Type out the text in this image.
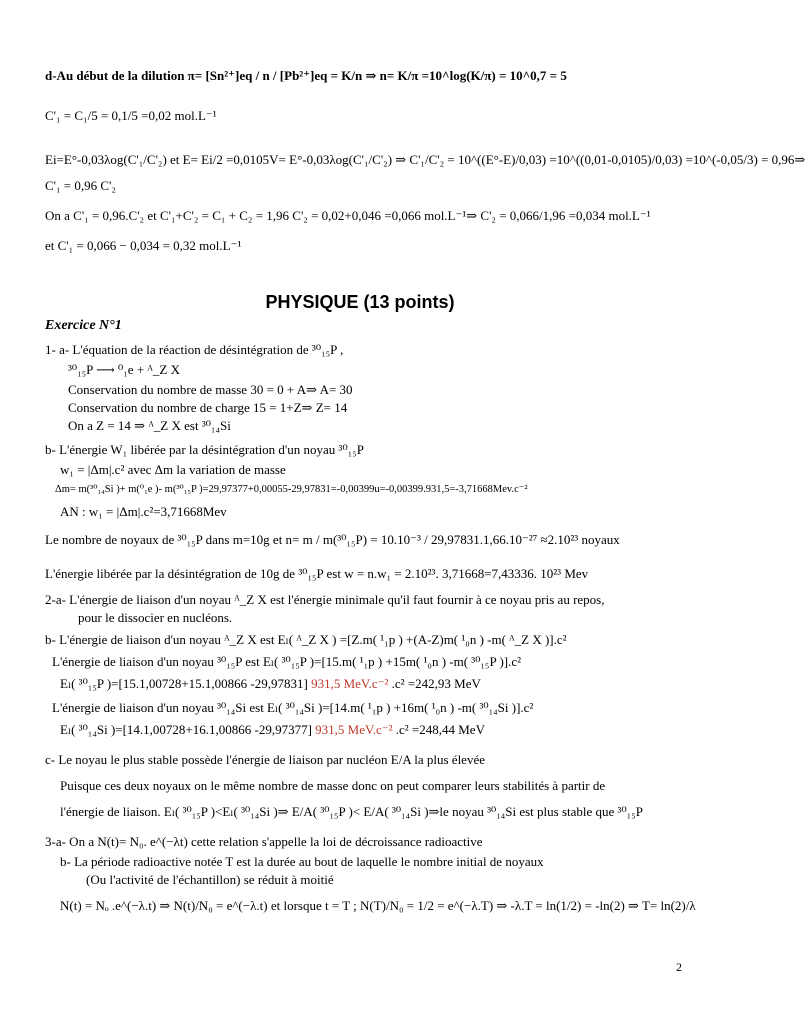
d-Au début de la dilution π= [Sn²⁺]eq / n / [Pb²⁺]eq = K/n ⇒ n= K/π =10^log(K/π) = 10^0,7 = 5
C'₁ = C₁/5 = 0,1/5 =0,02 mol.L⁻¹
Ei=E°-0,03λog(C'₁/C'₂) et E= Ei/2 =0,0105V= E°-0,03λog(C'₁/C'₂) ⇒ C'₁/C'₂ = 10^((E°-E)/0,03) =10^((0,01-0,0105)/0,03) =10^(-0,05/3) = 0,96⇒
C'₁ = 0,96 C'₂
On a C'₁ = 0,96.C'₂ et C'₁+C'₂ = C₁ + C₂ = 1,96 C'₂ = 0,02+0,046 =0,066 mol.L⁻¹⇒ C'₂ = 0,066/1,96 =0,034 mol.L⁻¹
et C'₁ = 0,066 − 0,034 = 0,32 mol.L⁻¹
PHYSIQUE (13 points)
Exercice N°1
1- a- L'équation de la réaction de désintégration de ³⁰₁₅P ,
³⁰₁₅P ⟶ ⁰₁e + ᴬ_Z X
Conservation du nombre de masse 30 = 0 + A⇒ A= 30
Conservation du nombre de charge 15 = 1+Z⇒ Z= 14
On a Z = 14 ⇒ ᴬ_Z X est ³⁰₁₄Si
b- L'énergie W₁ libérée par la désintégration d'un noyau ³⁰₁₅P
w₁ = |Δm|.c² avec Δm la variation de masse
Δm= m(³⁰₁₄Si )+ m(⁰₁e )- m(³⁰₁₅P )=29,97377+0,00055-29,97831=-0,00399u=-0,00399.931,5=-3,71668Mev.c⁻²
AN : w₁ = |Δm|.c²=3,71668Mev
Le nombre de noyaux de ³⁰₁₅P dans m=10g et n= m / m(³⁰₁₅P) = 10.10⁻³ / 29,97831.1,66.10⁻²⁷ ≈2.10²³ noyaux
L'énergie libérée par la désintégration de 10g de ³⁰₁₅P est w = n.w₁ = 2.10²³. 3,71668=7,43336. 10²³ Mev
2-a- L'énergie de liaison d'un noyau ᴬ_Z X est l'énergie minimale qu'il faut fournir à ce noyau pris au repos,
pour le dissocier en nucléons.
b- L'énergie de liaison d'un noyau ᴬ_Z X est Eₗ( ᴬ_Z X ) =[Z.m( ¹₁p ) +(A-Z)m( ¹₀n ) -m( ᴬ_Z X )].c²
L'énergie de liaison d'un noyau ³⁰₁₅P est Eₗ( ³⁰₁₅P )=[15.m( ¹₁p ) +15m( ¹₀n ) -m( ³⁰₁₅P )].c²
Eₗ( ³⁰₁₅P )=[15.1,00728+15.1,00866 -29,97831] 931,5 MeV.c⁻² .c² =242,93 MeV
L'énergie de liaison d'un noyau ³⁰₁₄Si est Eₗ( ³⁰₁₄Si )=[14.m( ¹₁p ) +16m( ¹₀n ) -m( ³⁰₁₄Si )].c²
Eₗ( ³⁰₁₄Si )=[14.1,00728+16.1,00866 -29,97377] 931,5 MeV.c⁻² .c² =248,44 MeV
c- Le noyau le plus stable possède l'énergie de liaison par nucléon E/A la plus élevée
Puisque ces deux noyaux on le même nombre de masse donc on peut comparer leurs stabilités à partir de
l'énergie de liaison. Eₗ( ³⁰₁₅P )<Eₗ( ³⁰₁₄Si )⇒ E/A( ³⁰₁₅P )< E/A( ³⁰₁₄Si )⇒le noyau ³⁰₁₄Si est plus stable que ³⁰₁₅P
3-a- On a N(t)= N₀. e^(−λt) cette relation s'appelle la loi de décroissance radioactive
b- La période radioactive notée T est la durée au bout de laquelle le nombre initial de noyaux
(Ou l'activité de l'échantillon) se réduit à moitié
N(t) = Nₒ .e^(−λ.t) ⇒ N(t)/N₀ = e^(−λ.t) et lorsque t = T ; N(T)/N₀ = 1/2 = e^(−λ.T) ⇒ -λ.T = ln(1/2) = -ln(2) ⇒ T= ln(2)/λ
2
